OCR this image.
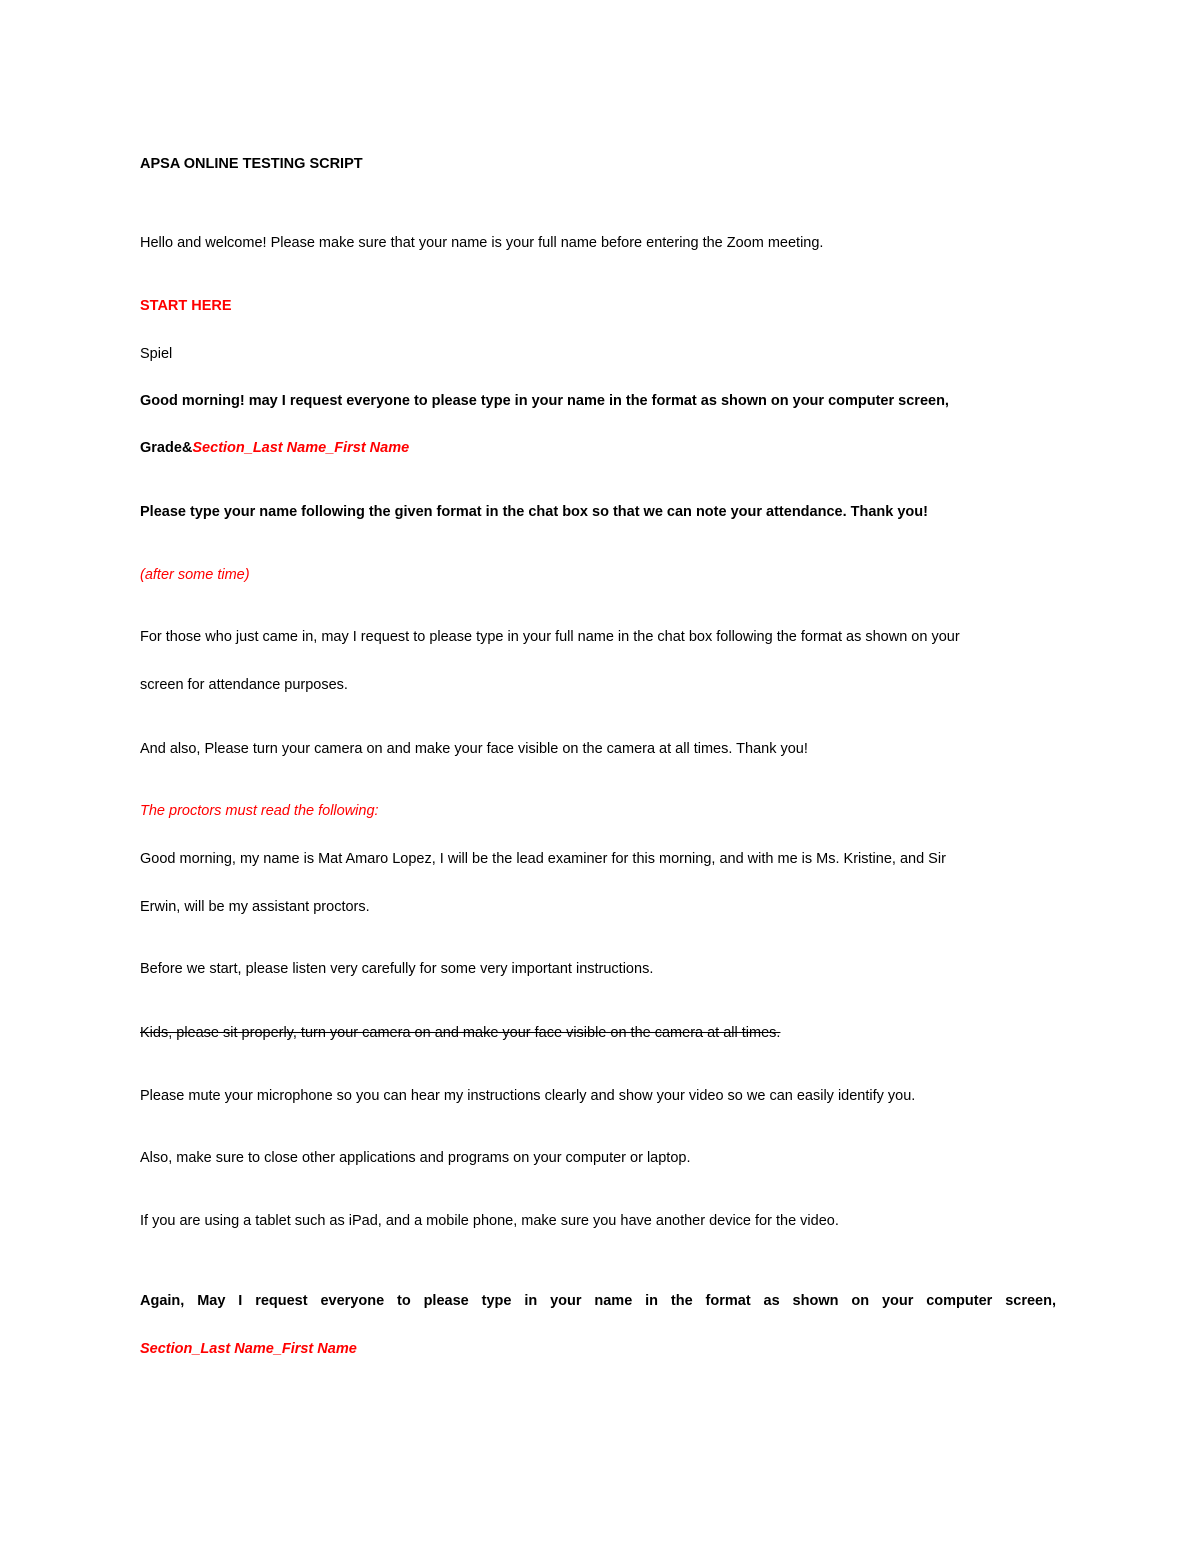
APSA ONLINE TESTING SCRIPT

Hello and welcome! Please make sure that your name is your full name before entering the Zoom meeting.

START HERE

Spiel

Good morning! may I request everyone to please type in your name in the format as shown on your computer screen,

Grade&Section_Last Name_First Name

Please type your name following the given format in the chat box so that we can note your attendance. Thank you!

(after some time)

For those who just came in, may I request to please type in your full name in the chat box following the format as shown on your

screen for attendance purposes.

And also, Please turn your camera on and make your face visible on the camera at all times. Thank you!

The proctors must read the following:

Good morning, my name is Mat Amaro Lopez, I will be the lead examiner for this morning, and with me is Ms. Kristine, and Sir

Erwin, will be my assistant proctors.

Before we start, please listen very carefully for some very important instructions.

Kids, please sit properly, turn your camera on and make your face visible on the camera at all times.

Please mute your microphone so you can hear my instructions clearly and show your video so we can easily identify you.

Also, make sure to close other applications and programs on your computer or laptop.

If you are using a tablet such as iPad, and a mobile phone, make sure you have another device for the video.

Again, May I request everyone to please type in your name in the format as shown on your computer screen,

Section_Last Name_First Name
